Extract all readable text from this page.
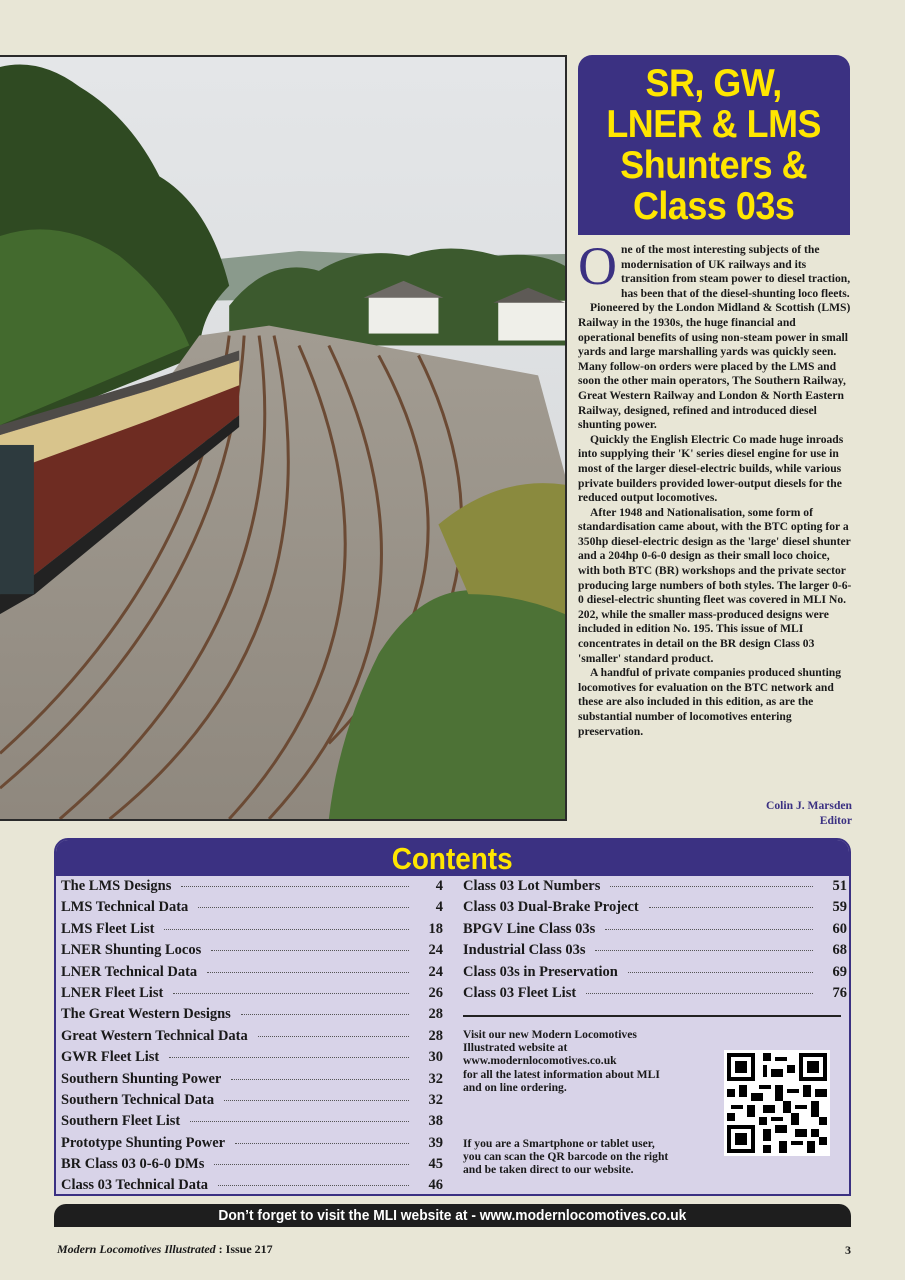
SR, GW,
LNER & LMS
Shunters &
Class 03s

One of the most interesting subjects of the modernisation of UK railways and its transition from steam power to diesel traction, has been that of the diesel-shunting loco fleets.

Pioneered by the London Midland & Scottish (LMS) Railway in the 1930s, the huge financial and operational benefits of using non-steam power in small yards and large marshalling yards was quickly seen. Many follow-on orders were placed by the LMS and soon the other main operators, The Southern Railway, Great Western Railway and London & North Eastern Railway, designed, refined and introduced diesel shunting power.

Quickly the English Electric Co made huge inroads into supplying their 'K' series diesel engine for use in most of the larger diesel-electric builds, while various private builders provided lower-output diesels for the reduced output locomotives.

After 1948 and Nationalisation, some form of standardisation came about, with the BTC opting for a 350hp diesel-electric design as the 'large' diesel shunter and a 204hp 0-6-0 design as their small loco choice, with both BTC (BR) workshops and the private sector producing large numbers of both styles. The larger 0-6-0 diesel-electric shunting fleet was covered in MLI No. 202, while the smaller mass-produced designs were included in edition No. 195. This issue of MLI concentrates in detail on the BR design Class 03 'smaller' standard product.

A handful of private companies produced shunting locomotives for evaluation on the BTC network and these are also included in this edition, as are the substantial number of locomotives entering preservation.

Colin J. Marsden
Editor
Contents
The LMS Designs	4
LMS Technical Data	4
LMS Fleet List	18
LNER Shunting Locos	24
LNER Technical Data	24
LNER Fleet List	26
The Great Western Designs	28
Great Western Technical Data	28
GWR Fleet List	30
Southern Shunting Power	32
Southern Technical Data	32
Southern Fleet List	38
Prototype Shunting Power	39
BR Class 03 0-6-0 DMs	45
Class 03 Technical Data	46
Class 03 Lot Numbers	51
Class 03 Dual-Brake Project	59
BPGV Line Class 03s	60
Industrial Class 03s	68
Class 03s in Preservation	69
Class 03 Fleet List	76
Visit our new Modern Locomotives
Illustrated website at
www.modernlocomotives.co.uk
for all the latest information about MLI
and on line ordering.
If you are a Smartphone or tablet user,
you can scan the QR barcode on the right
and be taken direct to our website.
Don’t forget to visit the MLI website at - www.modernlocomotives.co.uk
Modern Locomotives Illustrated : Issue 217	3
